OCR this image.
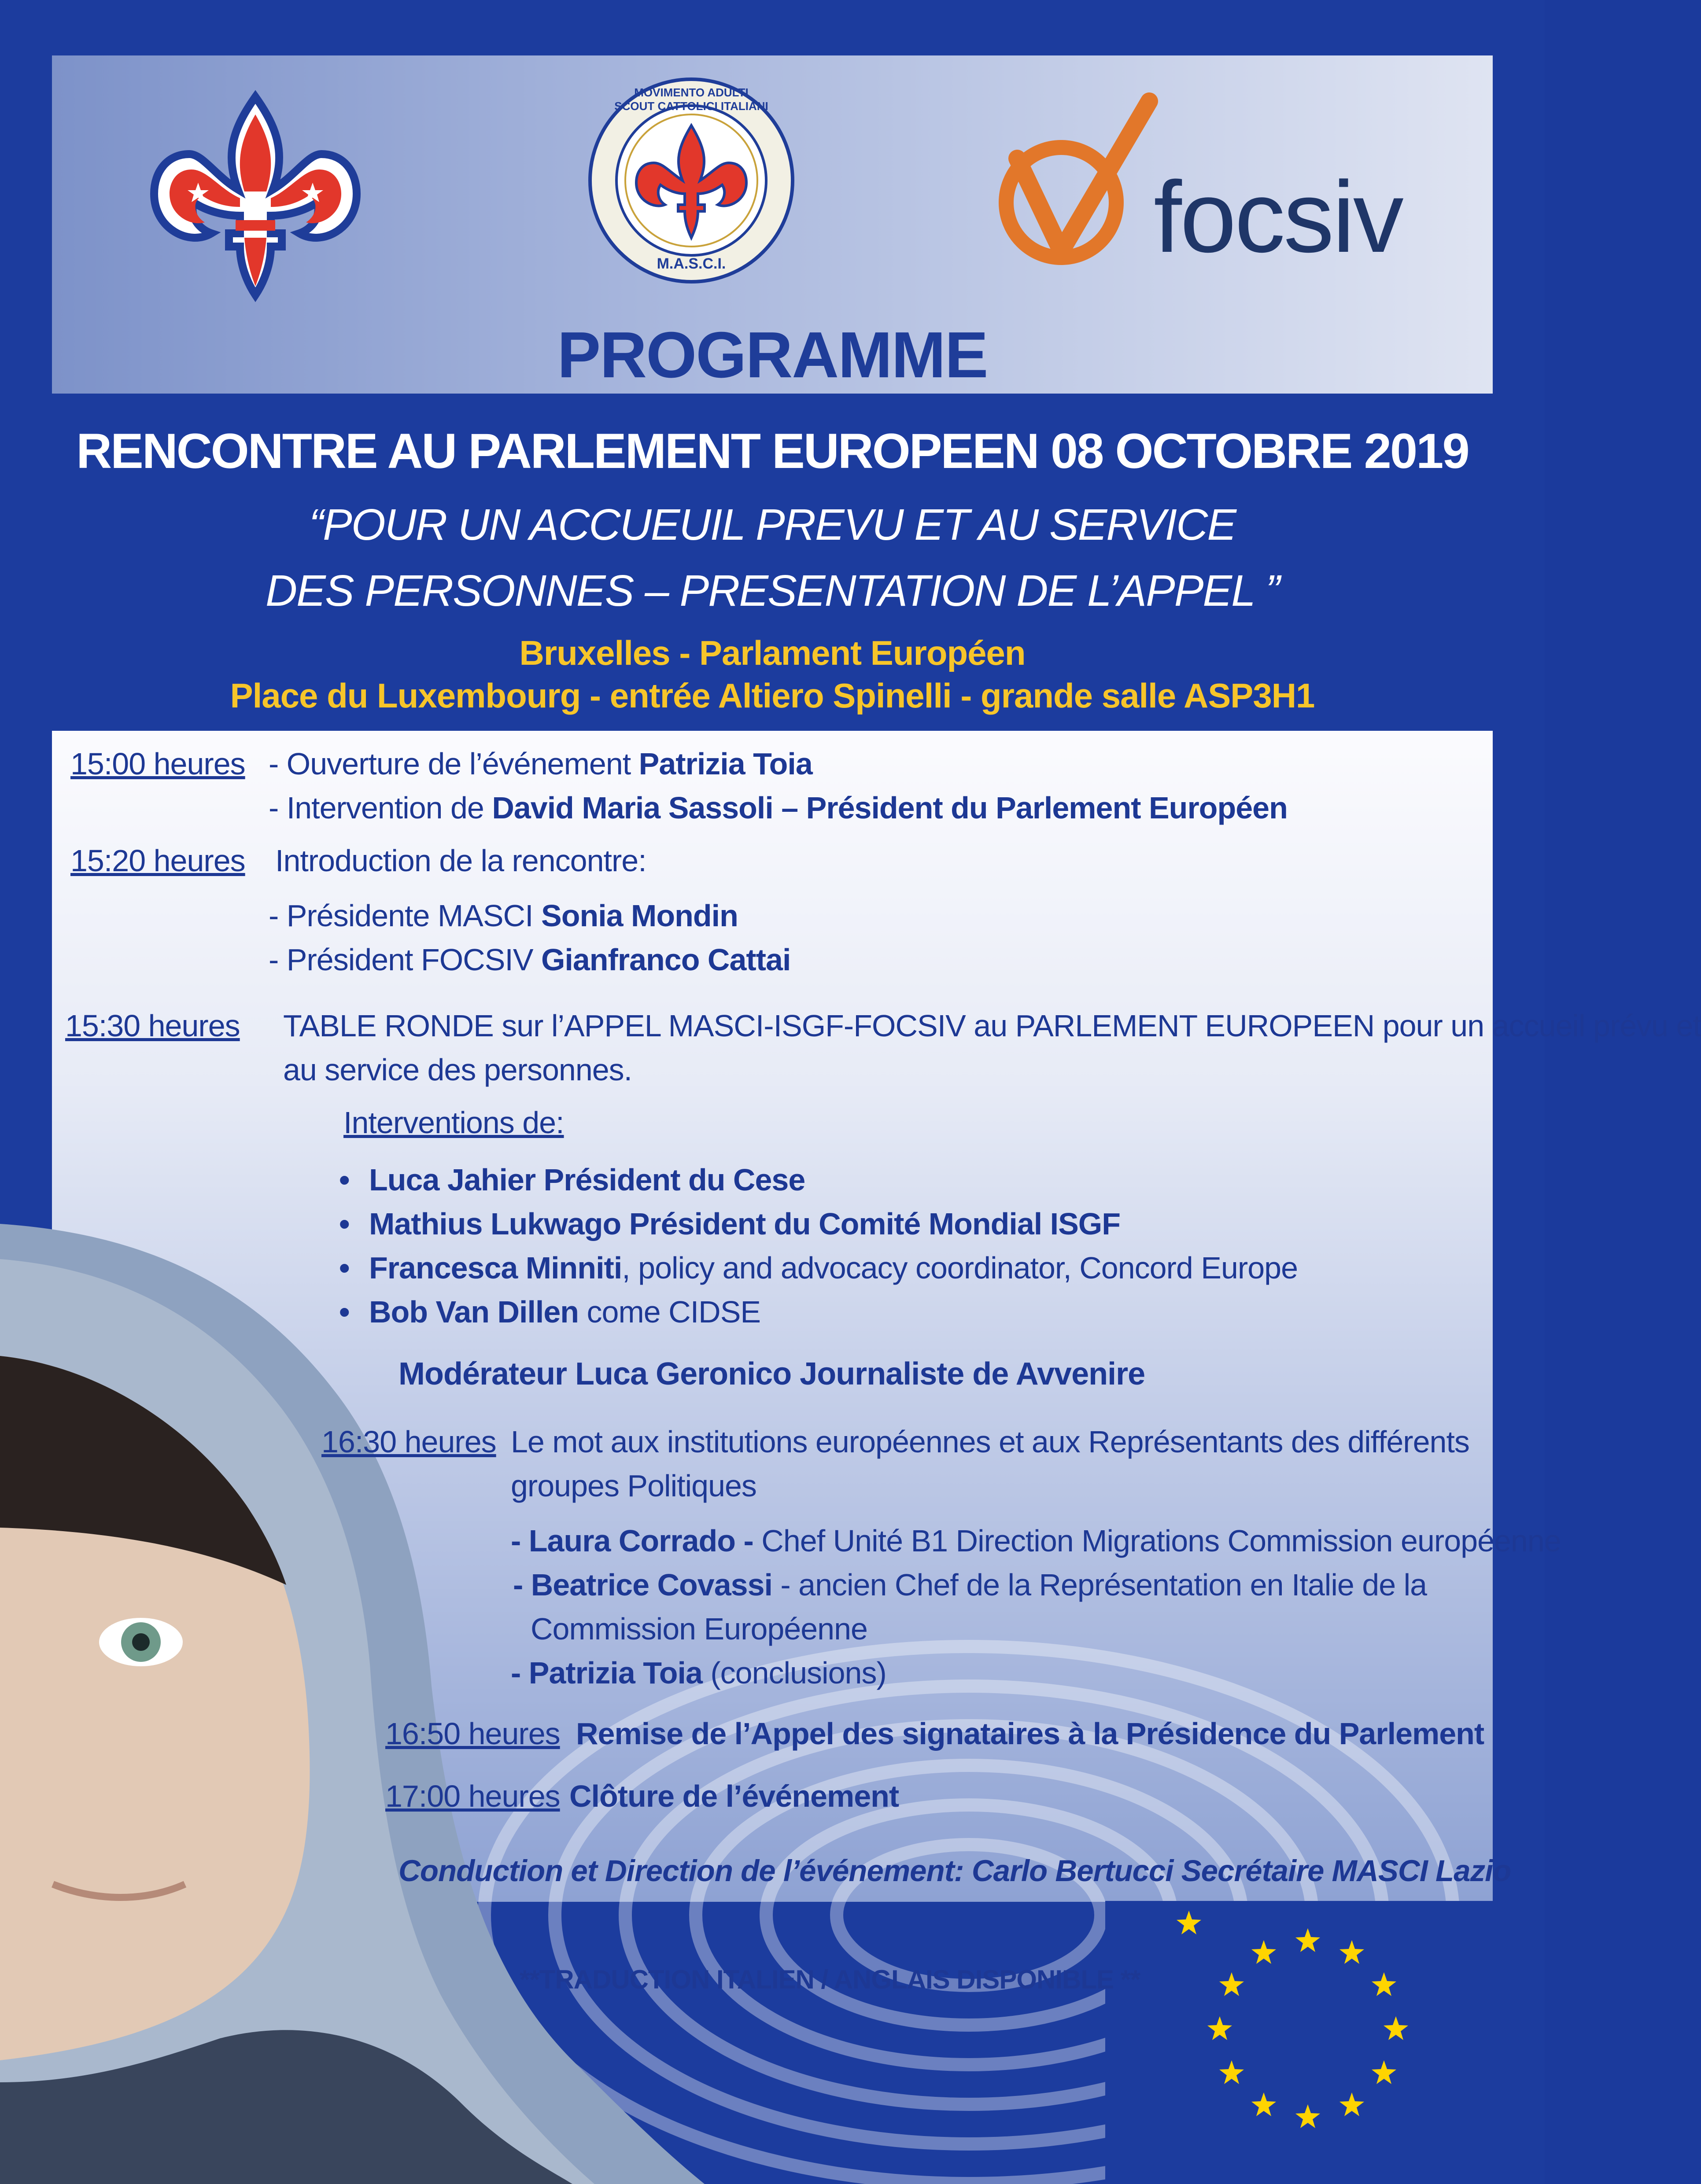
MOVIMENTO ADULTI SCOUT CATTOLICI ITALIANI
M.A.S.C.I.	focsiv
PROGRAMME
RENCONTRE AU PARLEMENT EUROPEEN 08 OCTOBRE 2019
“POUR UN ACCUEUIL PREVU ET AU SERVICE
DES PERSONNES – PRESENTATION DE L’APPEL ”
Bruxelles - Parlament Européen
Place du Luxembourg - entrée Altiero Spinelli - grande salle ASP3H1
15:00 heures - Ouverture de l’événement Patrizia Toia
- Intervention de David Maria Sassoli – Président du Parlement Européen
15:20 heures Introduction de la rencontre:
- Présidente MASCI Sonia Mondin
- Président FOCSIV Gianfranco Cattai
15:30 heures TABLE RONDE sur l’APPEL MASCI-ISGF-FOCSIV au PARLEMENT EUROPEEN pour un accueil prévu et
au service des personnes.
Interventions de:
• Luca Jahier Président du Cese
• Mathius Lukwago Président du Comité Mondial ISGF
• Francesca Minniti, policy and advocacy coordinator, Concord Europe
• Bob Van Dillen come CIDSE
Modérateur Luca Geronico Journaliste de Avvenire
16:30 heures Le mot aux institutions européennes et aux Représentants des différents
groupes Politiques
- Laura Corrado - Chef Unité B1 Direction Migrations Commission européenne
- Beatrice Covassi - ancien Chef de la Représentation en Italie de la
Commission Européenne
- Patrizia Toia (conclusions)
16:50 heures Remise de l’Appel des signataires à la Présidence du Parlement
17:00 heures Clôture de l’événement
Conduction et Direction de l’événement: Carlo Bertucci Secrétaire MASCI Lazio
**TRADUCTION ITALIEN / ANGLAIS DISPONIBLE **
